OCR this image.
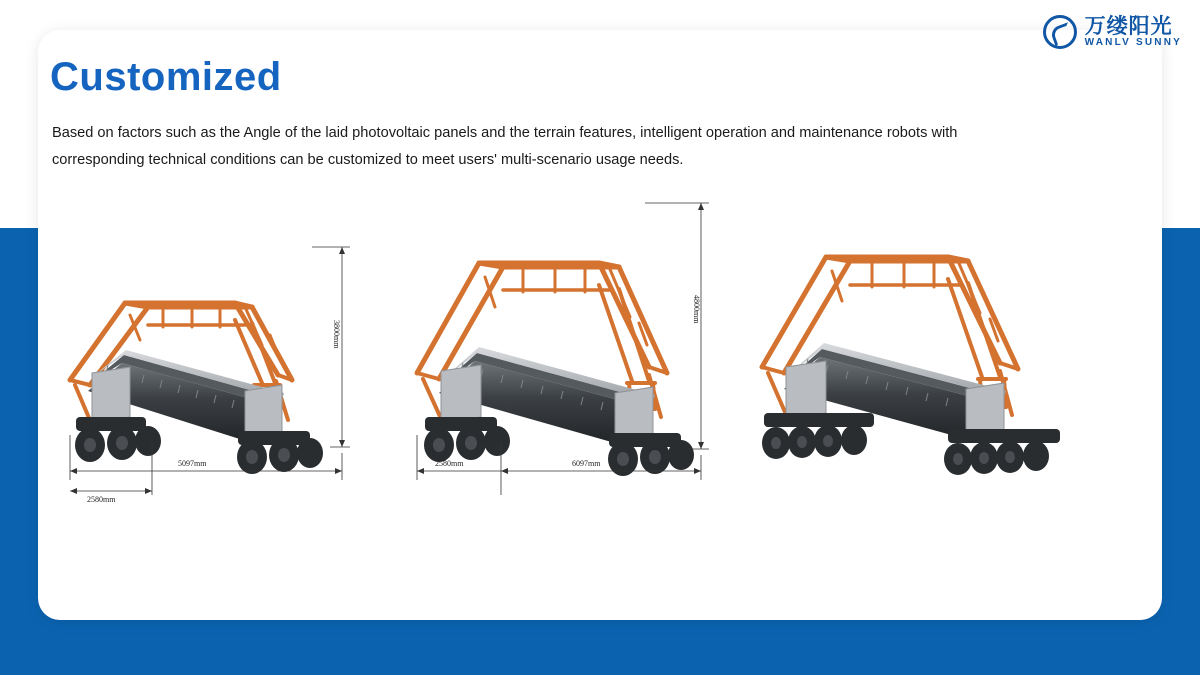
万缕阳光
WANLV SUNNY
Customized
Based on factors such as the Angle of the laid photovoltaic panels and the terrain features, intelligent operation and maintenance robots with corresponding technical conditions can be customized to meet users' multi-scenario usage needs.
3800mm
5097mm
2580mm
4800mm
6097mm
2580mm
